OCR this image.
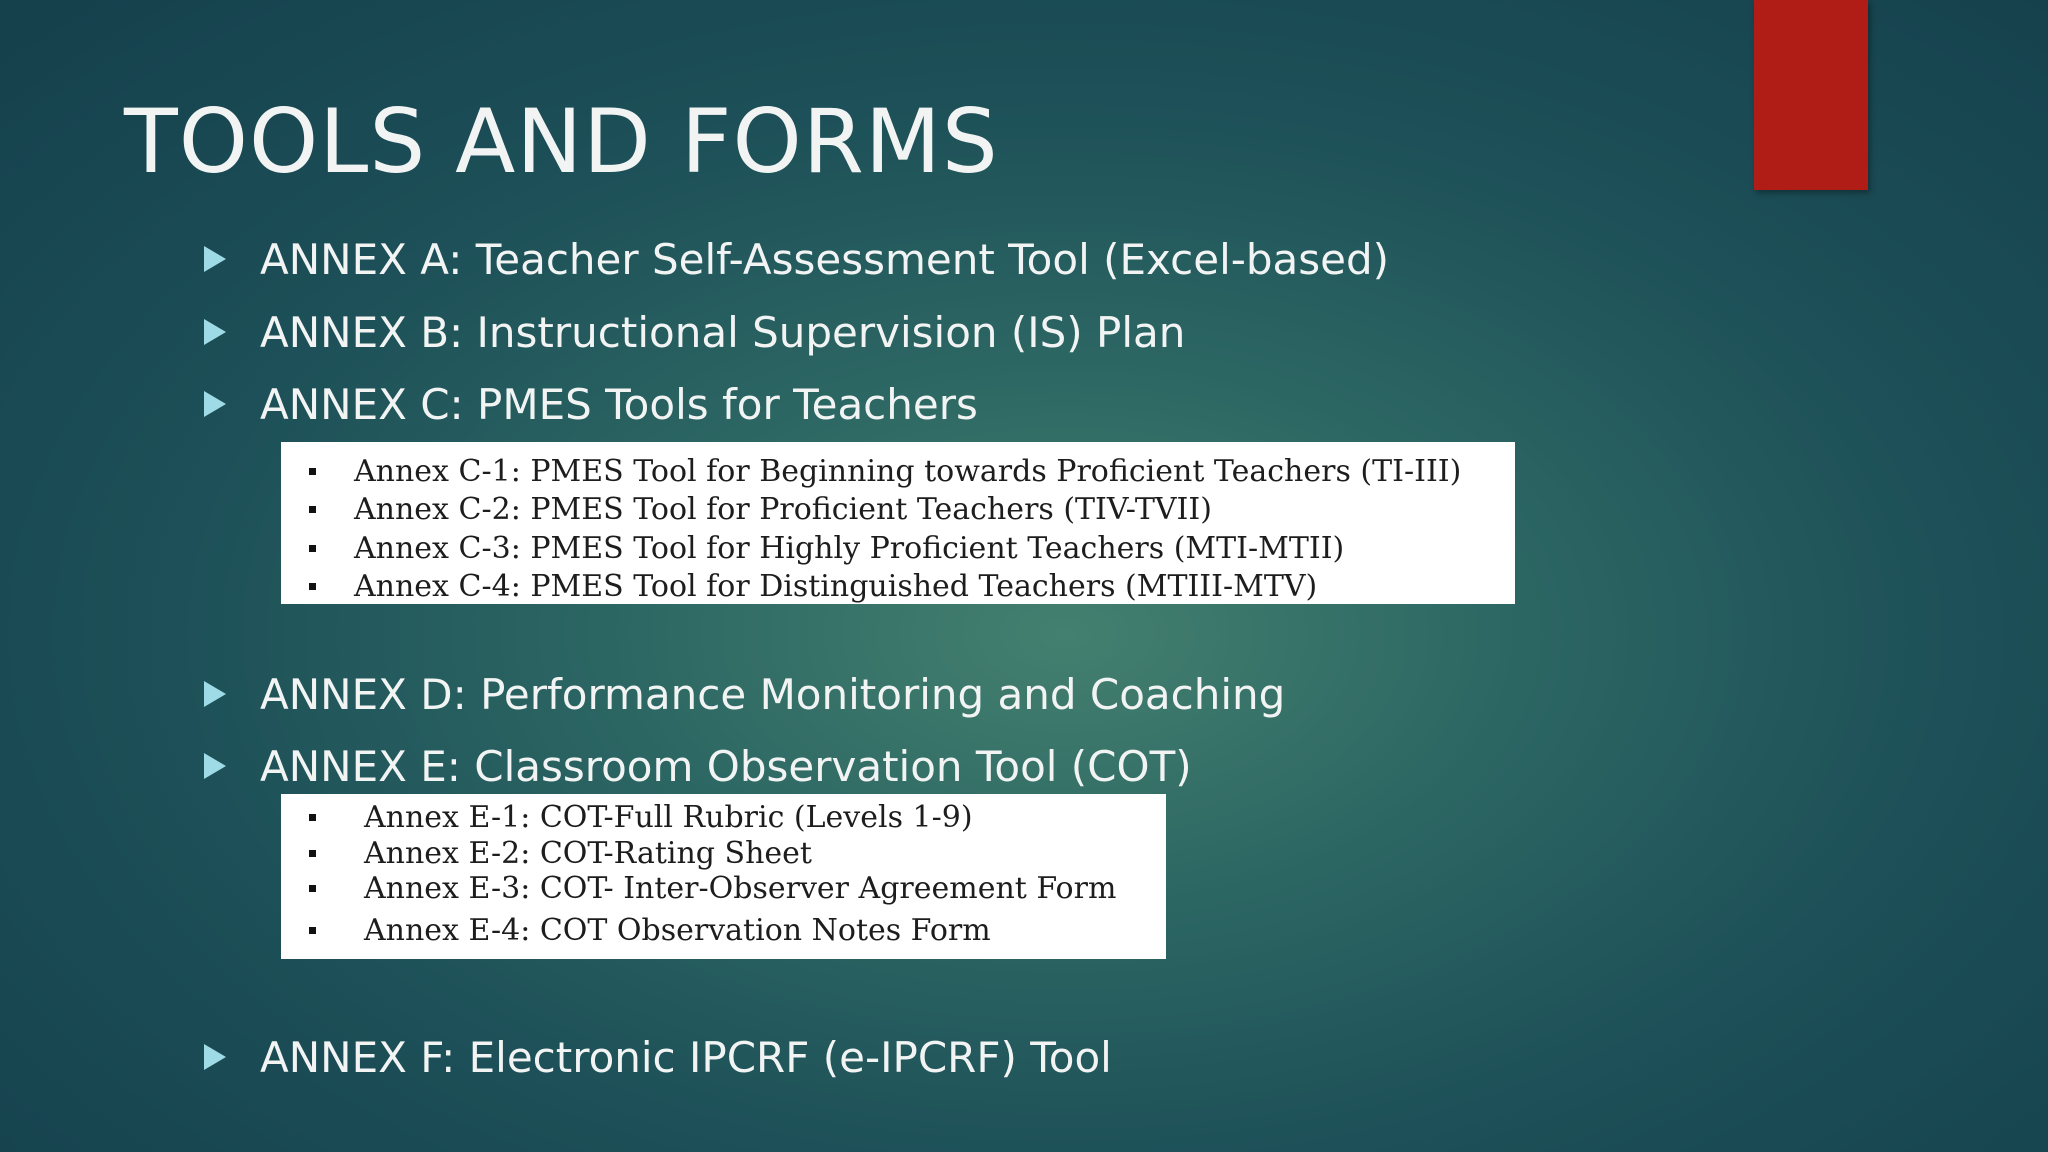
TOOLS AND FORMS
ANNEX A: Teacher Self-Assessment Tool (Excel-based)
ANNEX B: Instructional Supervision (IS) Plan
ANNEX C: PMES Tools for Teachers
Annex C-1: PMES Tool for Beginning towards Proficient Teachers (TI-III)
Annex C-2: PMES Tool for Proficient Teachers (TIV-TVII)
Annex C-3: PMES Tool for Highly Proficient Teachers (MTI-MTII)
Annex C-4: PMES Tool for Distinguished Teachers (MTIII-MTV)
ANNEX D: Performance Monitoring and Coaching
ANNEX E: Classroom Observation Tool (COT)
Annex E-1: COT-Full Rubric (Levels 1-9)
Annex E-2: COT-Rating Sheet
Annex E-3: COT- Inter-Observer Agreement Form
Annex E-4: COT Observation Notes Form
ANNEX F: Electronic IPCRF (e-IPCRF) Tool
